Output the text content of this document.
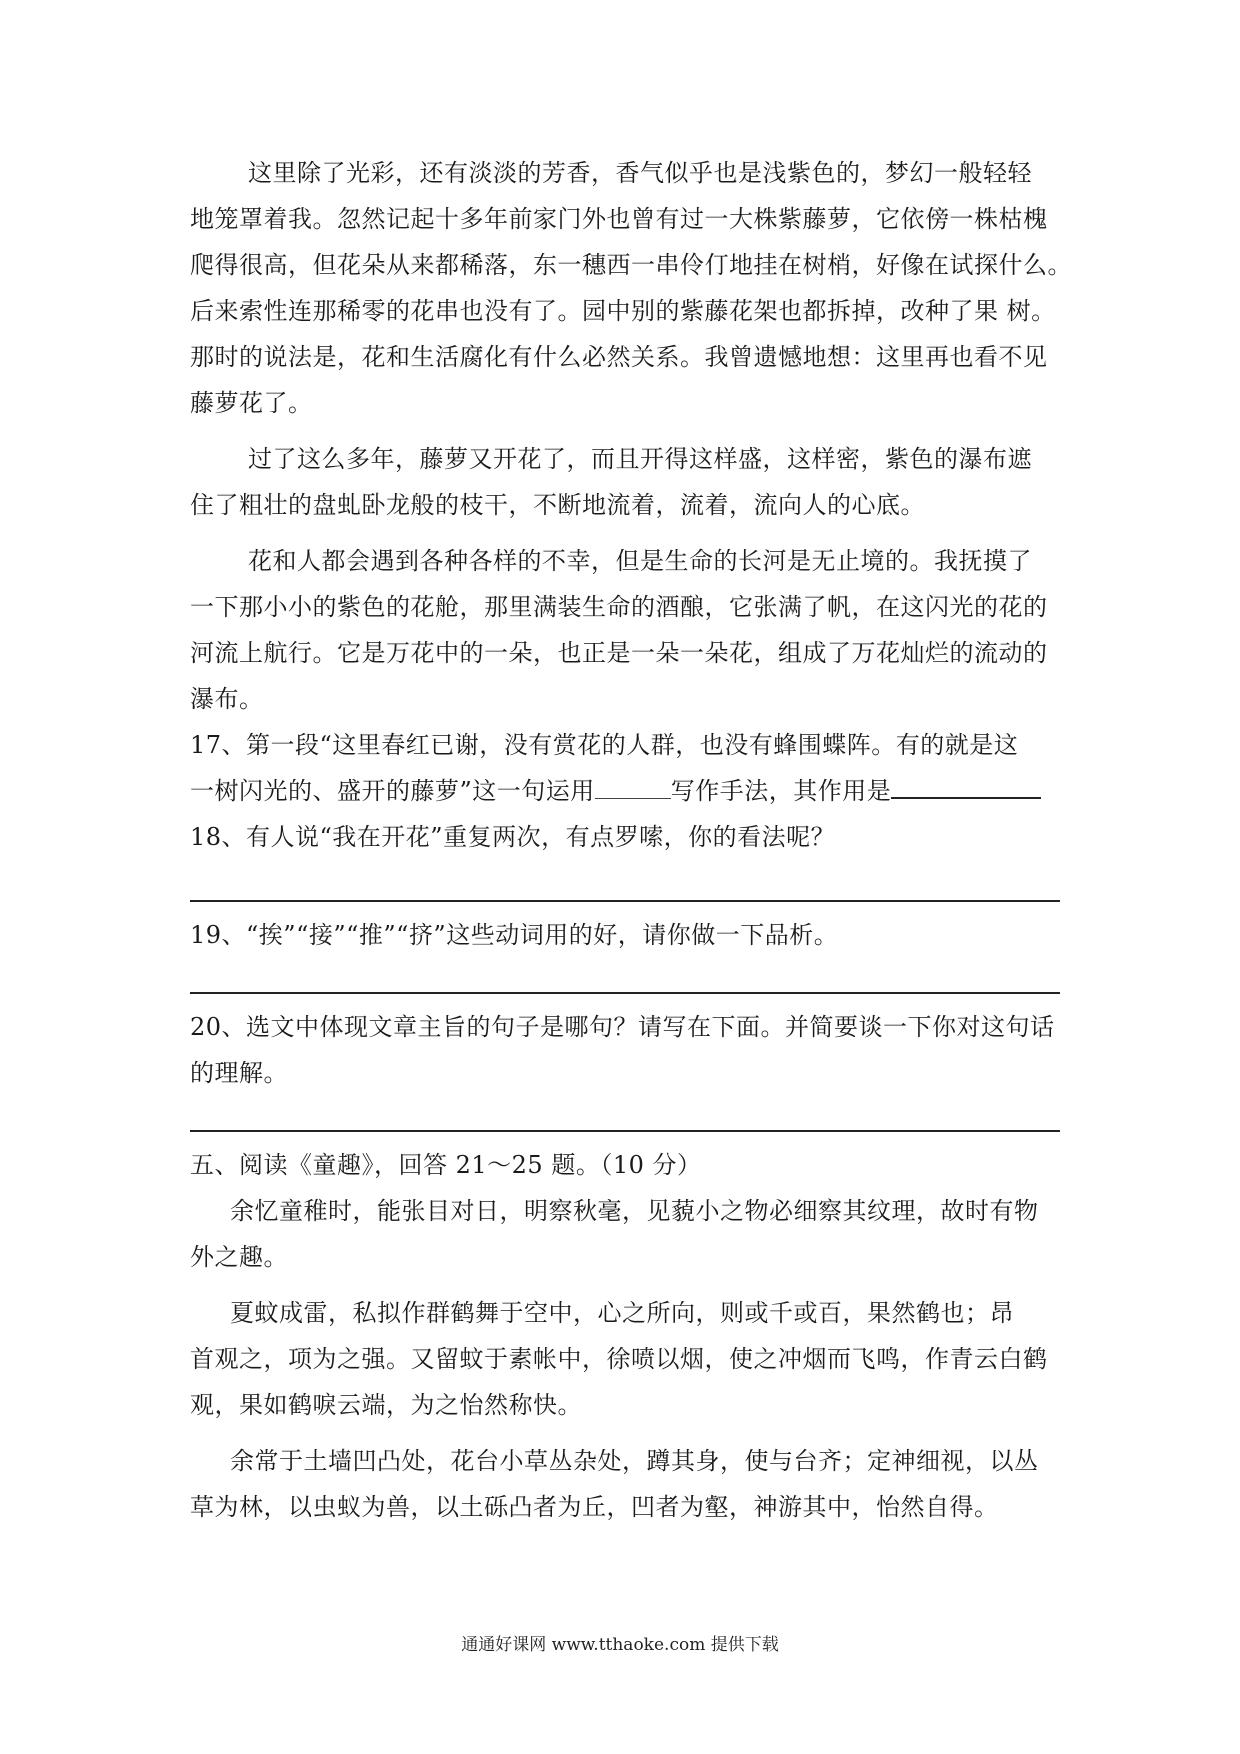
这里除了光彩，还有淡淡的芳香，香气似乎也是浅紫色的，梦幻一般轻轻
地笼罩着我。忽然记起十多年前家门外也曾有过一大株紫藤萝，它依傍一株枯槐
爬得很高，但花朵从来都稀落，东一穗西一串伶仃地挂在树梢，好像在试探什么。
后来索性连那稀零的花串也没有了。园中别的紫藤花架也都拆掉，改种了果 树。
那时的说法是，花和生活腐化有什么必然关系。我曾遗憾地想：这里再也看不见
藤萝花了。
过了这么多年，藤萝又开花了，而且开得这样盛，这样密，紫色的瀑布遮
住了粗壮的盘虬卧龙般的枝干，不断地流着，流着，流向人的心底。
花和人都会遇到各种各样的不幸，但是生命的长河是无止境的。我抚摸了
一下那小小的紫色的花舱，那里满装生命的酒酿，它张满了帆，在这闪光的花的
河流上航行。它是万花中的一朵，也正是一朵一朵花，组成了万花灿烂的流动的
瀑布。
17、第一段“这里春红已谢，没有赏花的人群，也没有蜂围蝶阵。有的就是这
一树闪光的、盛开的藤萝”这一句运用	写作手法，其作用是
18、有人说“我在开花”重复两次，有点罗嗦，你的看法呢？
19、“挨”“接”“推”“挤”这些动词用的好，请你做一下品析。
20、选文中体现文章主旨的句子是哪句？请写在下面。并简要谈一下你对这句话
的理解。
五、阅读《童趣》，回答 21～25 题。（10 分）
余忆童稚时，能张目对日，明察秋毫，见藐小之物必细察其纹理，故时有物
外之趣。
夏蚊成雷，私拟作群鹤舞于空中，心之所向，则或千或百，果然鹤也；昂
首观之，项为之强。又留蚊于素帐中，徐喷以烟，使之冲烟而飞鸣，作青云白鹤
观，果如鹤唳云端，为之怡然称快。
余常于土墙凹凸处，花台小草丛杂处，蹲其身，使与台齐；定神细视，以丛
草为林，以虫蚁为兽，以土砾凸者为丘，凹者为壑，神游其中，怡然自得。
通通好课网 www.tthaoke.com 提供下载
